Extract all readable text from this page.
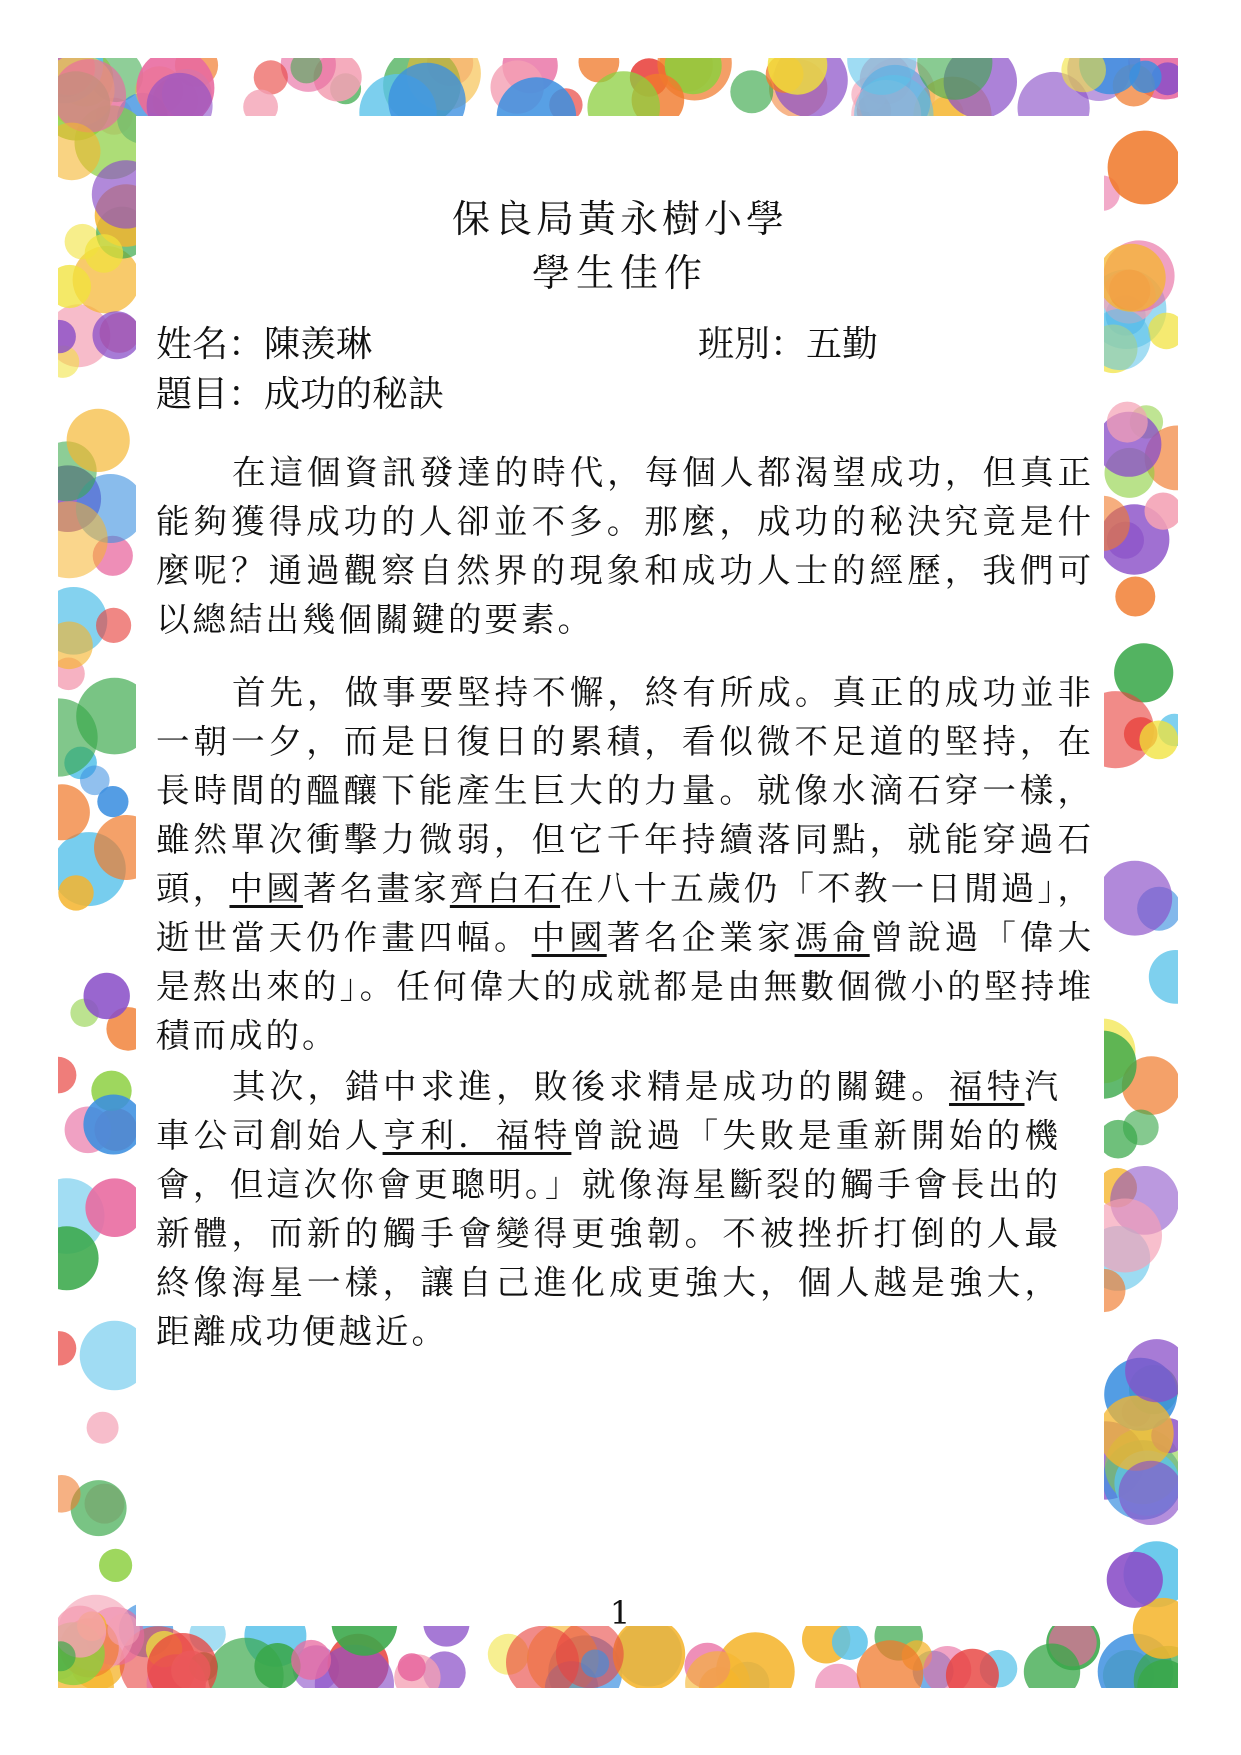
保良局黃永樹小學
學生佳作
姓名：陳羡琳	班別：五勤
題目：成功的秘訣
在這個資訊發達的時代，每個人都渴望成功，但真正能夠獲得成功的人卻並不多。那麼，成功的秘決究竟是什麼呢？通過觀察自然界的現象和成功人士的經歷，我們可以總結出幾個關鍵的要素。
首先，做事要堅持不懈，終有所成。真正的成功並非一朝一夕，而是日復日的累積，看似微不足道的堅持，在長時間的醞釀下能產生巨大的力量。就像水滴石穿一樣，雖然單次衝擊力微弱，但它千年持續落同點，就能穿過石頭，中國著名畫家齊白石在八十五歲仍「不教一日閒過」，逝世當天仍作畫四幅。中國著名企業家馮侖曾說過「偉大是熬出來的」。任何偉大的成就都是由無數個微小的堅持堆積而成的。
其次，錯中求進，敗後求精是成功的關鍵。福特汽車公司創始人亨利．福特曾說過「失敗是重新開始的機會，但這次你會更聰明。」就像海星斷裂的觸手會長出的新體，而新的觸手會變得更強韌。不被挫折打倒的人最終像海星一樣，讓自己進化成更強大，個人越是強大，距離成功便越近。
1
